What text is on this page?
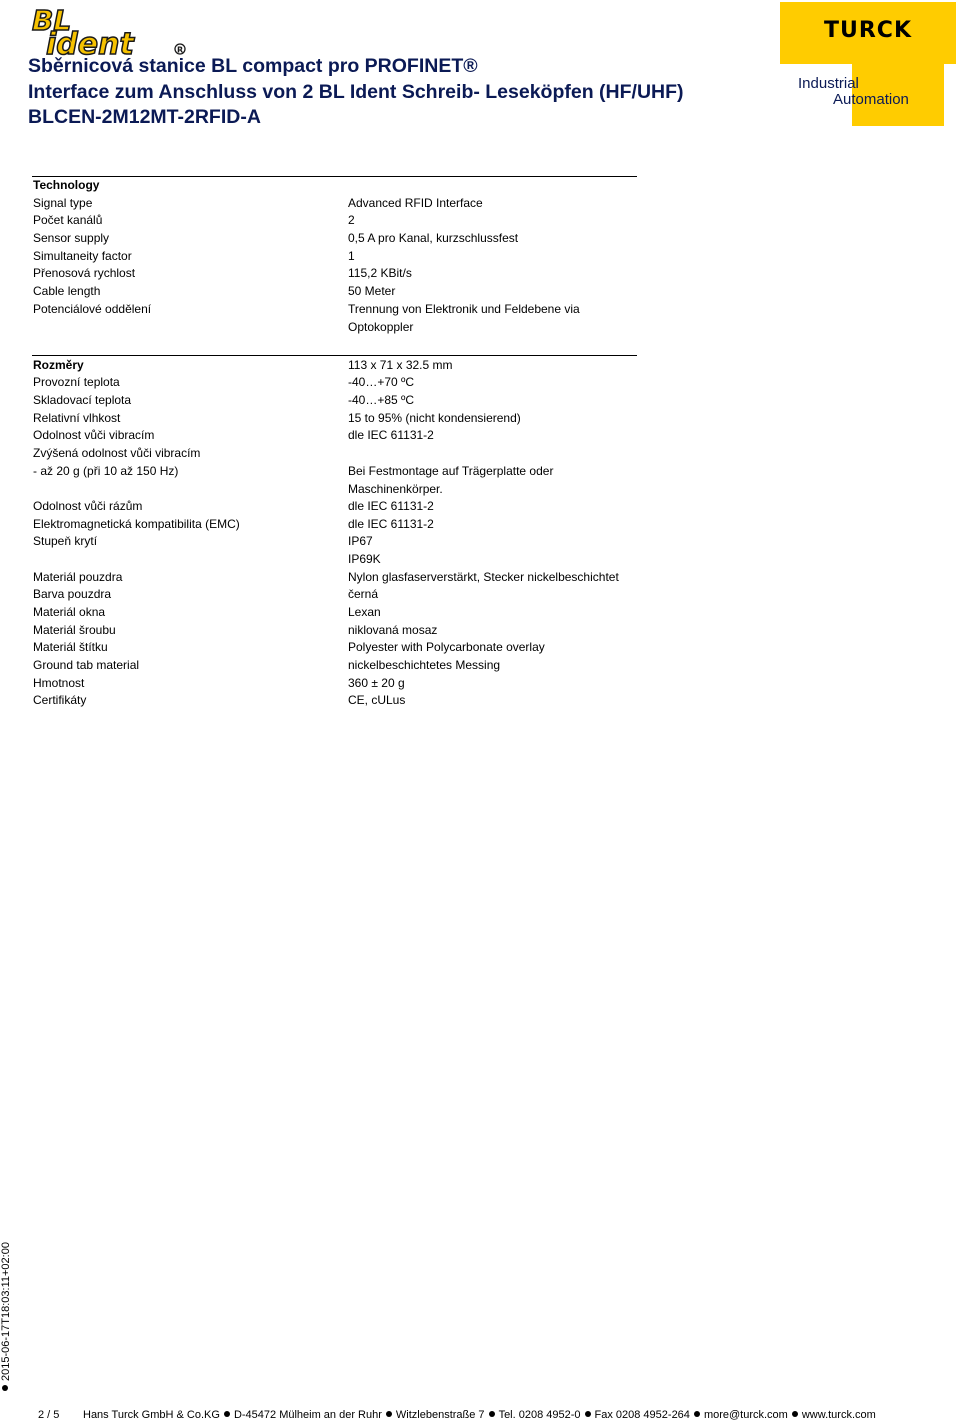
BL
ident	R
Sběrnicová stanice BL compact pro PROFINET®
Interface zum Anschluss von 2 BL Ident Schreib- Leseköpfen (HF/UHF)
BLCEN-2M12MT-2RFID-A
TURCK
Industrial
Automation
Technology
Signal type	Advanced RFID Interface
Počet kanálů	2
Sensor supply	0,5 A pro Kanal, kurzschlussfest
Simultaneity factor	1
Přenosová rychlost	115,2 KBit/s
Cable length	50 Meter
Potenciálové oddělení	Trennung von Elektronik und Feldebene via Optokoppler
Rozměry	113 x 71 x 32.5 mm
Provozní teplota	-40…+70 ºC
Skladovací teplota	-40…+85 ºC
Relativní vlhkost	15 to 95% (nicht kondensierend)
Odolnost vůči vibracím	dle IEC 61131-2
Zvýšená odolnost vůči vibracím
- až 20 g (při 10 až 150 Hz)	Bei Festmontage auf Trägerplatte oder Maschinenkörper.
Odolnost vůči rázům	dle IEC 61131-2
Elektromagnetická kompatibilita (EMC)	dle IEC 61131-2
Stupeň krytí	IP67
IP69K
Materiál pouzdra	Nylon glasfaserverstärkt, Stecker nickelbeschichtet
Barva pouzdra	černá
Materiál okna	Lexan
Materiál šroubu	niklovaná mosaz
Materiál štítku	Polyester with Polycarbonate overlay
Ground tab material	nickelbeschichtetes Messing
Hmotnost	360 ± 20 g
Certifikáty	CE, cULus
2015-06-17T18:03:11+02:00
2 / 5 Hans Turck GmbH & Co.KG D-45472 Mülheim an der Ruhr Witzlebenstraße 7 Tel. 0208 4952-0 Fax 0208 4952-264 more@turck.com www.turck.com
